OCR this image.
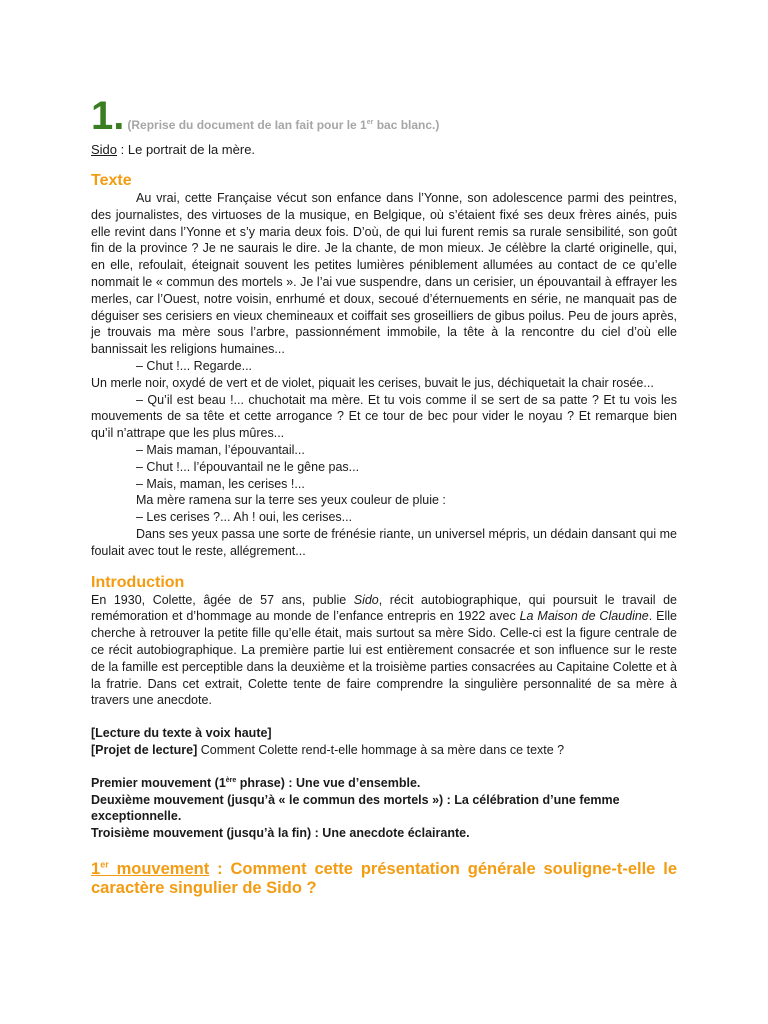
1. (Reprise du document de Ian fait pour le 1er bac blanc.)
Sido : Le portrait de la mère.
Texte

Au vrai, cette Française vécut son enfance dans l’Yonne, son adolescence parmi des peintres, des journalistes, des virtuoses de la musique, en Belgique, où s’étaient fixé ses deux frères ainés, puis elle revint dans l’Yonne et s’y maria deux fois. D’où, de qui lui furent remis sa rurale sensibilité, son goût fin de la province ? Je ne saurais le dire. Je la chante, de mon mieux. Je célèbre la clarté originelle, qui, en elle, refoulait, éteignait souvent les petites lumières péniblement allumées au contact de ce qu’elle nommait le « commun des mortels ». Je l’ai vue suspendre, dans un cerisier, un épouvantail à effrayer les merles, car l’Ouest, notre voisin, enrhumé et doux, secoué d’éternuements en série, ne manquait pas de déguiser ses cerisiers en vieux chemineaux et coiffait ses groseilliers de gibus poilus. Peu de jours après, je trouvais ma mère sous l’arbre, passionnément immobile, la tête à la rencontre du ciel d’où elle bannissait les religions humaines...

– Chut !... Regarde...

Un merle noir, oxydé de vert et de violet, piquait les cerises, buvait le jus, déchiquetait la chair rosée...

– Qu’il est beau !... chuchotait ma mère. Et tu vois comme il se sert de sa patte ? Et tu vois les mouvements de sa tête et cette arrogance ? Et ce tour de bec pour vider le noyau ? Et remarque bien qu’il n’attrape que les plus mûres...

– Mais maman, l’épouvantail...

– Chut !... l’épouvantail ne le gêne pas...

– Mais, maman, les cerises !...

Ma mère ramena sur la terre ses yeux couleur de pluie :

– Les cerises ?... Ah ! oui, les cerises...

Dans ses yeux passa une sorte de frénésie riante, un universel mépris, un dédain dansant qui me foulait avec tout le reste, allégrement...

Introduction

En 1930, Colette, âgée de 57 ans, publie Sido, récit autobiographique, qui poursuit le travail de remémoration et d’hommage au monde de l’enfance entrepris en 1922 avec La Maison de Claudine. Elle cherche à retrouver la petite fille qu’elle était, mais surtout sa mère Sido. Celle-ci est la figure centrale de ce récit autobiographique. La première partie lui est entièrement consacrée et son influence sur le reste de la famille est perceptible dans la deuxième et la troisième parties consacrées au Capitaine Colette et à la fratrie. Dans cet extrait, Colette tente de faire comprendre la singulière personnalité de sa mère à travers une anecdote.

[Lecture du texte à voix haute]

[Projet de lecture] Comment Colette rend-t-elle hommage à sa mère dans ce texte ?

Premier mouvement (1ère phrase) : Une vue d’ensemble.

Deuxième mouvement (jusqu’à « le commun des mortels ») : La célébration d’une femme exceptionnelle.

Troisième mouvement (jusqu’à la fin) : Une anecdote éclairante.

1er mouvement : Comment cette présentation générale souligne-t-elle le caractère singulier de Sido ?
